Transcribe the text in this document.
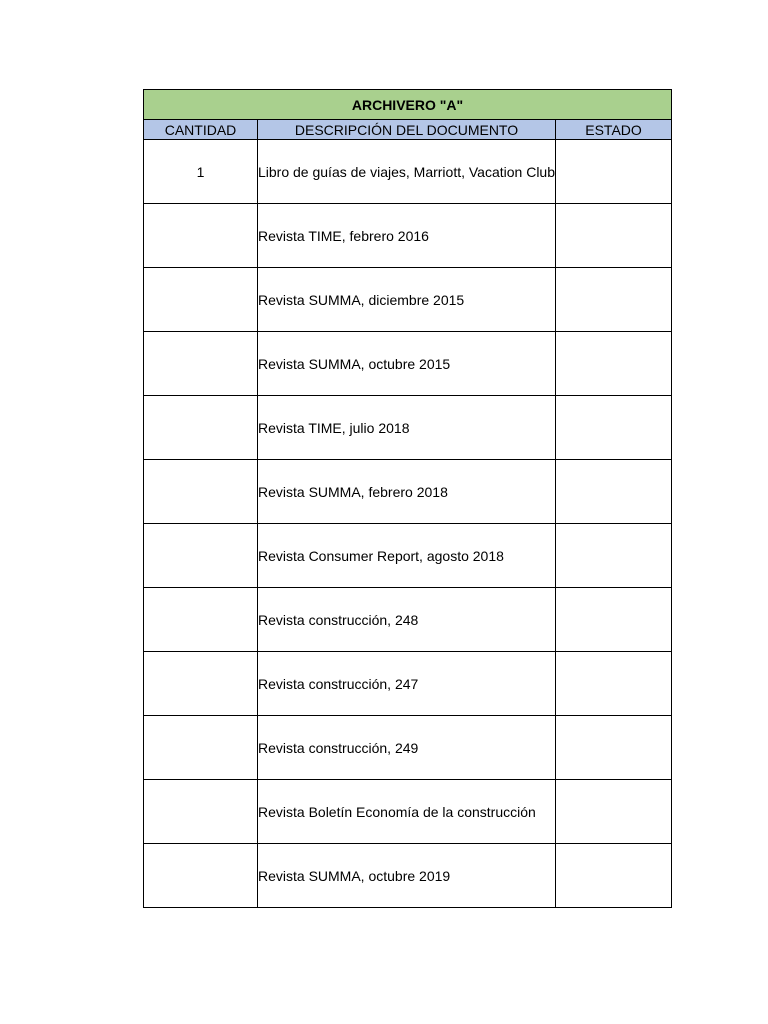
ARCHIVERO "A"		
CANTIDAD	DESCRIPCIÓN DEL DOCUMENTO	ESTADO
1	Libro de guías de viajes, Marriott, Vacation Club	
	Revista TIME, febrero 2016	
	Revista SUMMA, diciembre 2015	
	Revista SUMMA, octubre 2015	
	Revista TIME, julio 2018	
	Revista SUMMA, febrero 2018	
	Revista Consumer Report, agosto 2018	
	Revista construcción, 248	
	Revista construcción, 247	
	Revista construcción, 249	
	Revista Boletín Economía de la construcción	
	Revista SUMMA, octubre 2019	
